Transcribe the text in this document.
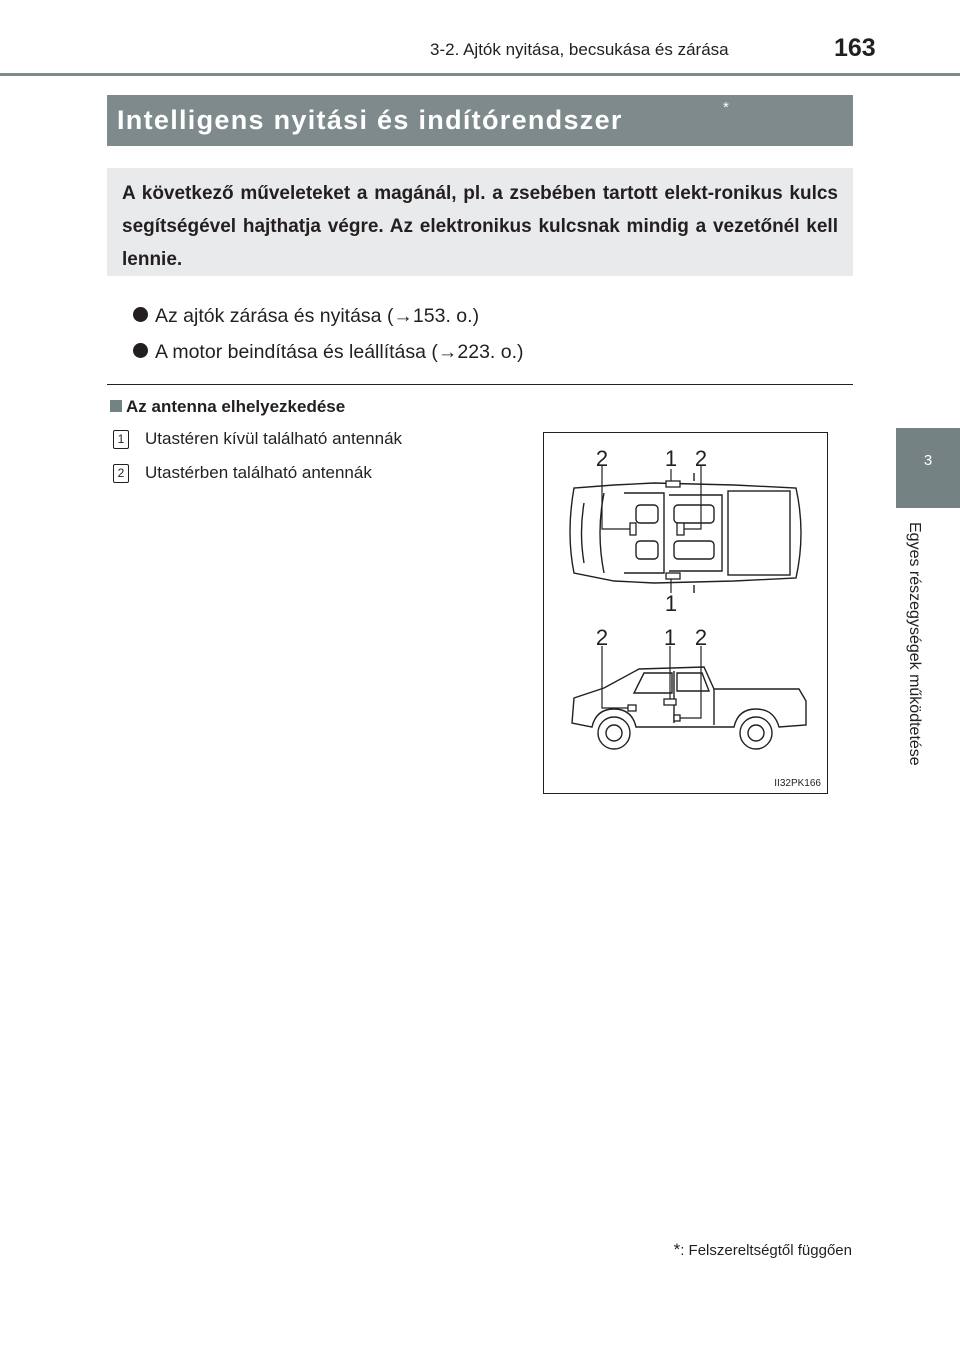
3-2. Ajtók nyitása, becsukása és zárása	163
3
Egyes részegységek működtetése
Intelligens nyitási és indítórendszer	*
A következő műveleteket a magánál, pl. a zsebében tartott elekt-ronikus kulcs segítségével hajthatja végre. Az elektronikus kulcsnak mindig a vezetőnél kell lennie.
Az ajtók zárása és nyitása (→153. o.)
A motor beindítása és leállítása (→223. o.)
Az antenna elhelyezkedése
1 Utastéren kívül található antennák
2 Utastérben található antennák
2	1 2
1
2	1 2
II32PK166
*: Felszereltségtől függően
